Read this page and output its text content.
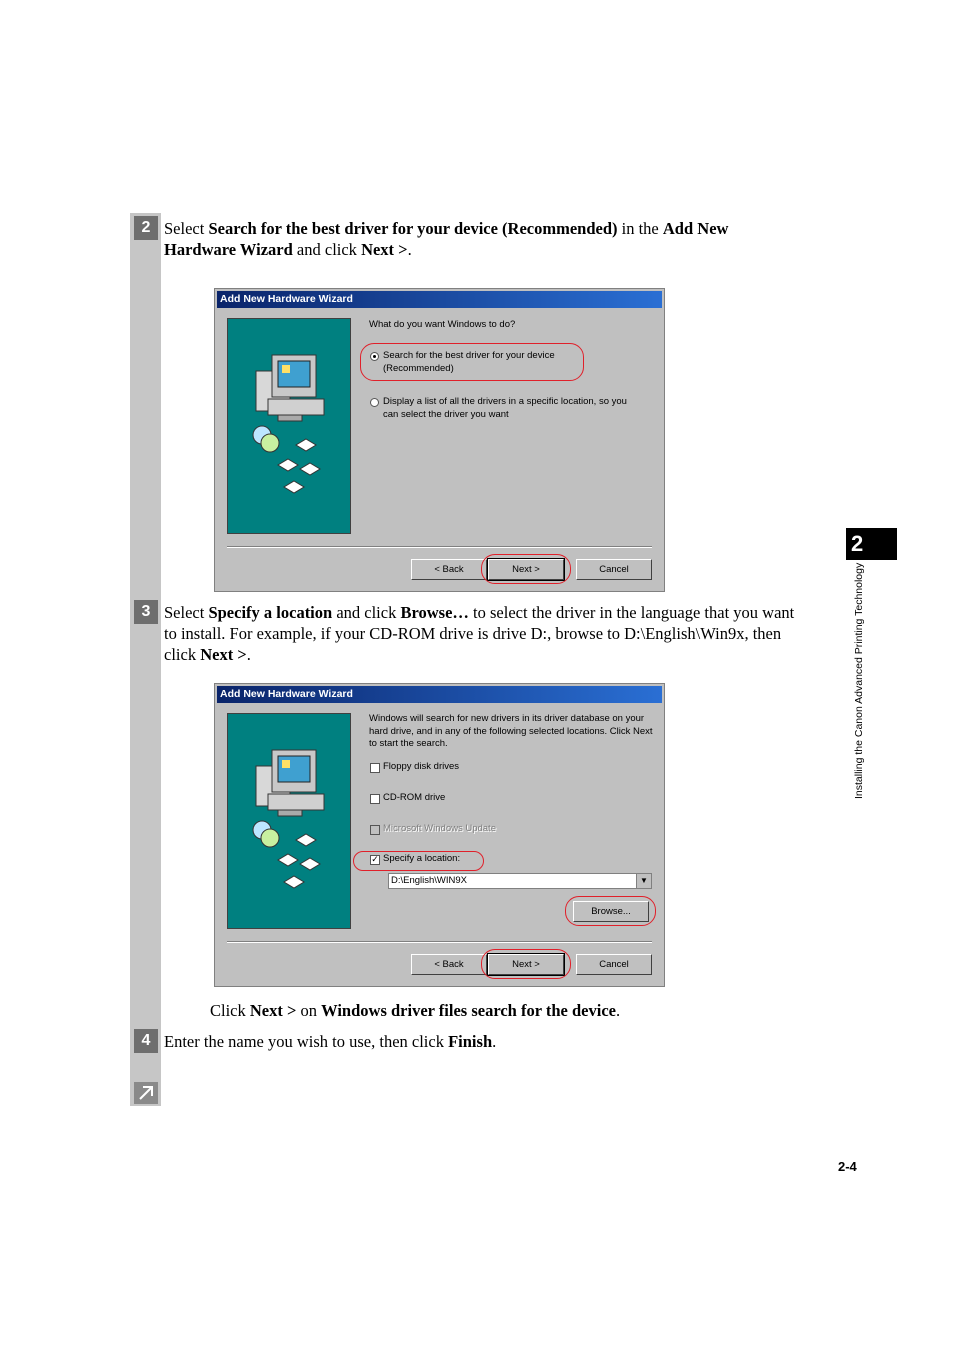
2 Select Search for the best driver for your device (Recommended) in the Add New Hardware Wizard and click Next >.
Add New Hardware Wizard
What do you want Windows to do?
Search for the best driver for your device (Recommended)
Display a list of all the drivers in a specific location, so you can select the driver you want
< Back	Next >	Cancel
3 Select Specify a location and click Browse… to select the driver in the language that you want to install. For example, if your CD-ROM drive is drive D:, browse to D:\English\Win9x, then click Next >.
Add New Hardware Wizard
Windows will search for new drivers in its driver database on your hard drive, and in any of the following selected locations. Click Next to start the search.
Floppy disk drives
CD-ROM drive
Microsoft Windows Update
✓ Specify a location:
D:\English\WIN9X	▼
Browse...
< Back	Next >	Cancel
Click Next > on Windows driver files search for the device.
4 Enter the name you wish to use, then click Finish.
2
Installing the Canon Advanced Printing Technology
2-4
